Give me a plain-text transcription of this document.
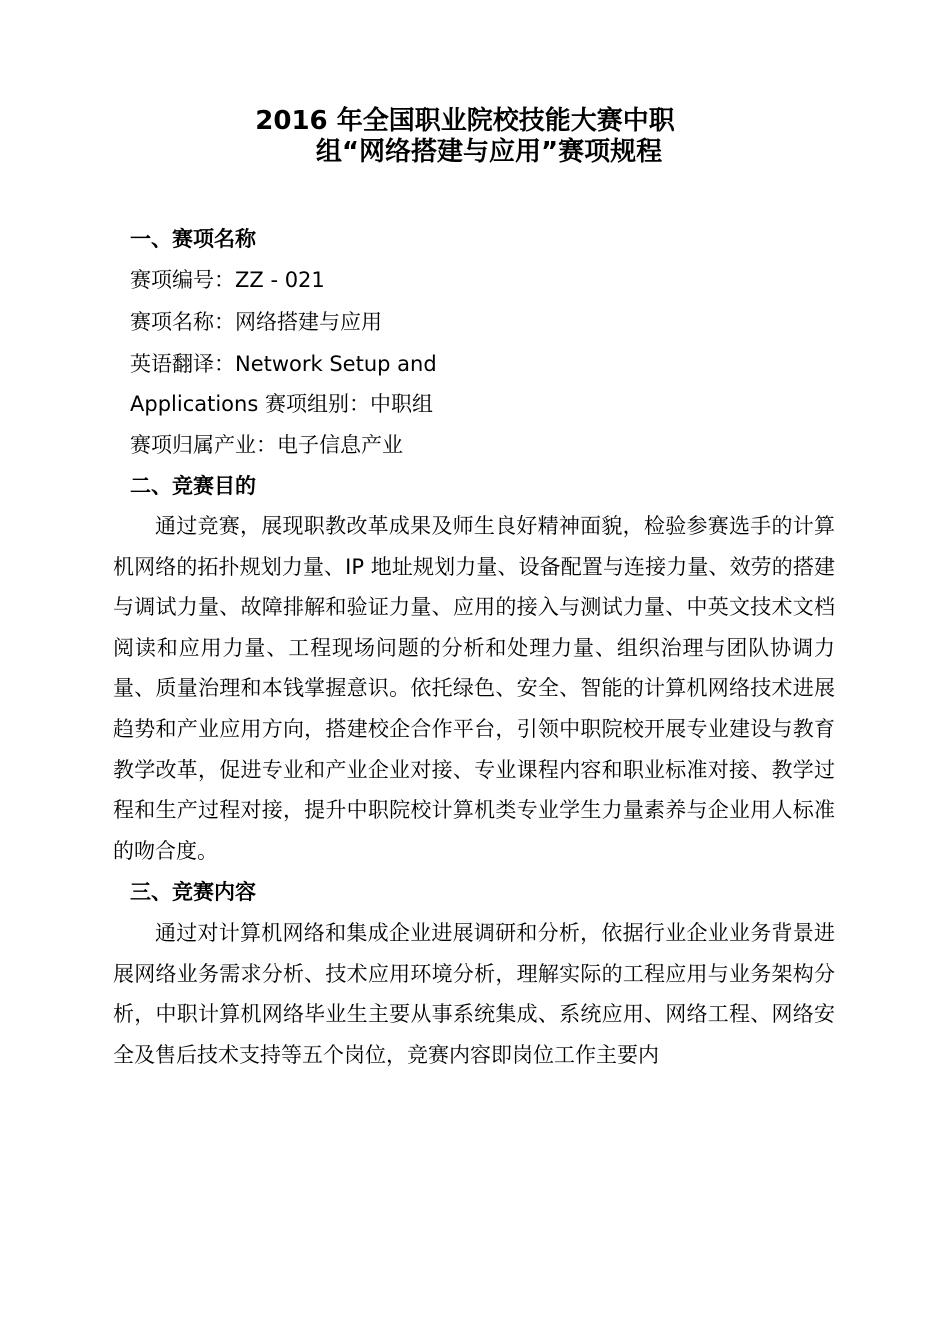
2016 年全国职业院校技能大赛中职
组“网络搭建与应用”赛项规程
一、赛项名称
赛项编号：ZZ - 021
赛项名称：网络搭建与应用
英语翻译：Network Setup and
Applications 赛项组别：中职组
赛项归属产业：电子信息产业
二、竞赛目的

通过竞赛，展现职教改革成果及师生良好精神面貌，检验参赛选手的计算机网络的拓扑规划力量、IP 地址规划力量、设备配置与连接力量、效劳的搭建与调试力量、故障排解和验证力量、应用的接入与测试力量、中英文技术文档阅读和应用力量、工程现场问题的分析和处理力量、组织治理与团队协调力量、质量治理和本钱掌握意识。依托绿色、安全、智能的计算机网络技术进展趋势和产业应用方向，搭建校企合作平台，引领中职院校开展专业建设与教育教学改革，促进专业和产业企业对接、专业课程内容和职业标准对接、教学过程和生产过程对接，提升中职院校计算机类专业学生力量素养与企业用人标准的吻合度。

三、竞赛内容

通过对计算机网络和集成企业进展调研和分析，依据行业企业业务背景进展网络业务需求分析、技术应用环境分析，理解实际的工程应用与业务架构分析，中职计算机网络毕业生主要从事系统集成、系统应用、网络工程、网络安全及售后技术支持等五个岗位，竞赛内容即岗位工作主要内
